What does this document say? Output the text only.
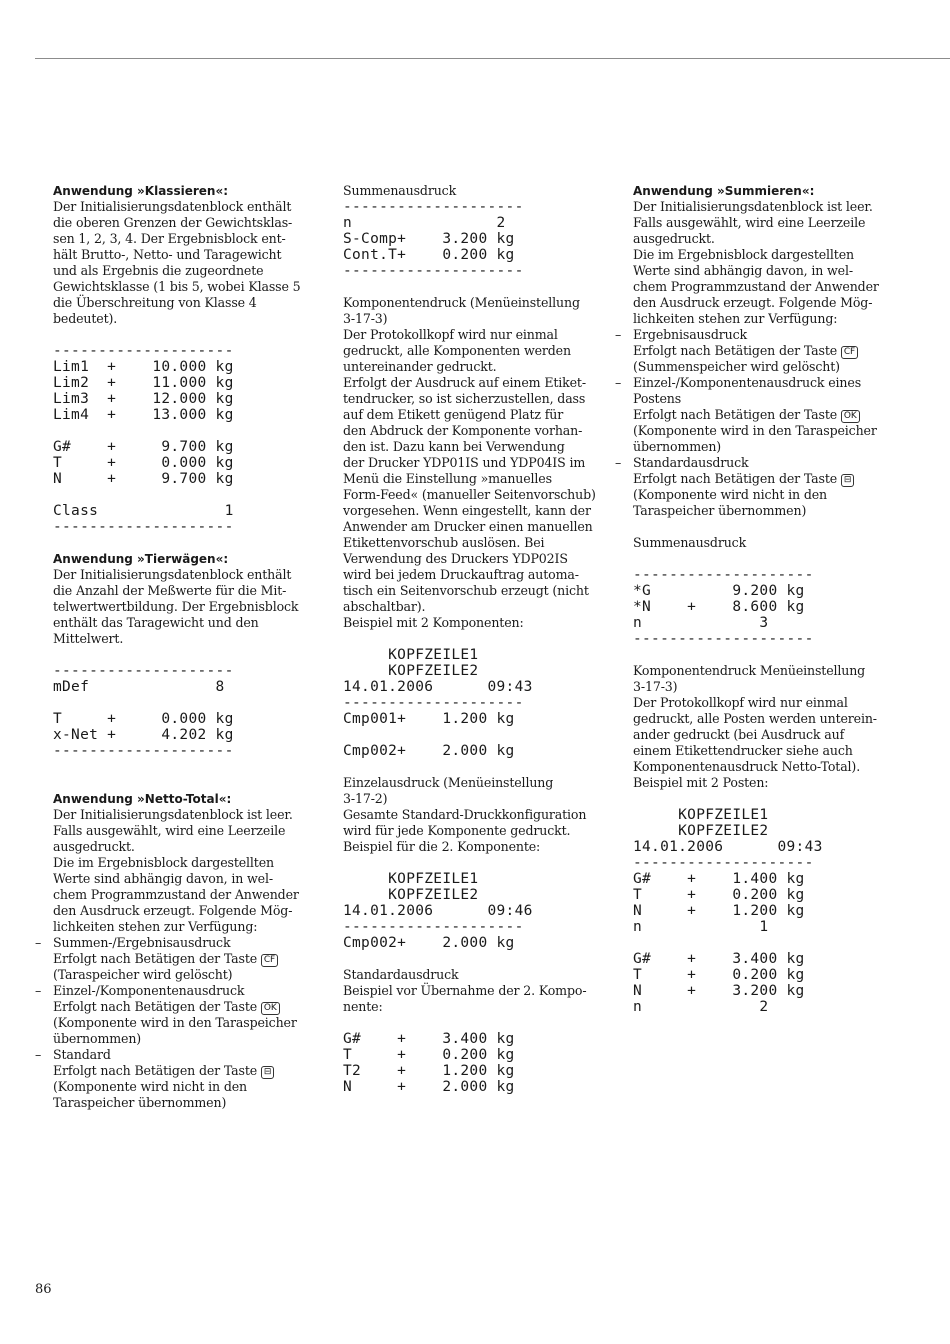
Anwendung »Klassieren«:
Der Initialisierungsdatenblock enthält
die oberen Grenzen der Gewichtsklas-
sen 1, 2, 3, 4. Der Ergebnisblock ent-
hält Brutto-, Netto- und Taragewicht
und als Ergebnis die zugeordnete
Gewichtsklasse (1 bis 5, wobei Klasse 5
die Überschreitung von Klasse 4
bedeutet).
--------------------
Lim1  +    10.000 kg
Lim2  +    11.000 kg
Lim3  +    12.000 kg
Lim4  +    13.000 kg

G#    +     9.700 kg
T     +     0.000 kg
N     +     9.700 kg

Class              1
--------------------
Anwendung »Tierwägen«:
Der Initialisierungsdatenblock enthält
die Anzahl der Meßwerte für die Mit-
telwertwertbildung. Der Ergebnisblock
enthält das Taragewicht und den
Mittelwert.
--------------------
mDef              8

T     +     0.000 kg
x-Net +     4.202 kg
--------------------
Anwendung »Netto-Total«:
Der Initialisierungsdatenblock ist leer.
Falls ausgewählt, wird eine Leerzeile
ausgedruckt.
Die im Ergebnisblock dargestellten
Werte sind abhängig davon, in wel-
chem Programmzustand der Anwender
den Ausdruck erzeugt. Folgende Mög-
lichkeiten stehen zur Verfügung:
– Summen-/Ergebnisausdruck
Erfolgt nach Betätigen der Taste CF
(Taraspeicher wird gelöscht)
– Einzel-/Komponentenausdruck
Erfolgt nach Betätigen der Taste OK
(Komponente wird in den Taraspeicher
übernommen)
– Standard
Erfolgt nach Betätigen der Taste ⊟
(Komponente wird nicht in den
Taraspeicher übernommen)
Summenausdruck
--------------------
n                2
S-Comp+    3.200 kg
Cont.T+    0.200 kg
--------------------
Komponentendruck (Menüeinstellung
3-17-3)
Der Protokollkopf wird nur einmal
gedruckt, alle Komponenten werden
untereinander gedruckt.
Erfolgt der Ausdruck auf einem Etiket-
tendrucker, so ist sicherzustellen, dass
auf dem Etikett genügend Platz für
den Abdruck der Komponente vorhan-
den ist. Dazu kann bei Verwendung
der Drucker YDP01IS und YDP04IS im
Menü die Einstellung »manuelles
Form-Feed« (manueller Seitenvorschub)
vorgesehen. Wenn eingestellt, kann der
Anwender am Drucker einen manuellen
Etikettenvorschub auslösen. Bei
Verwendung des Druckers YDP02IS
wird bei jedem Druckauftrag automa-
tisch ein Seitenvorschub erzeugt (nicht
abschaltbar).
Beispiel mit 2 Komponenten:
KOPFZEILE1
KOPFZEILE2
14.01.2006      09:43
--------------------
Cmp001+    1.200 kg

Cmp002+    2.000 kg
Einzelausdruck (Menüeinstellung
3-17-2)
Gesamte Standard-Druckkonfiguration
wird für jede Komponente gedruckt.
Beispiel für die 2. Komponente:
KOPFZEILE1
KOPFZEILE2
14.01.2006      09:46
--------------------
Cmp002+    2.000 kg
Standardausdruck
Beispiel vor Übernahme der 2. Kompo-
nente:
G#    +    3.400 kg
T     +    0.200 kg
T2    +    1.200 kg
N     +    2.000 kg
Anwendung »Summieren«:
Der Initialisierungsdatenblock ist leer.
Falls ausgewählt, wird eine Leerzeile
ausgedruckt.
Die im Ergebnisblock dargestellten
Werte sind abhängig davon, in wel-
chem Programmzustand der Anwender
den Ausdruck erzeugt. Folgende Mög-
lichkeiten stehen zur Verfügung:
– Ergebnisausdruck
Erfolgt nach Betätigen der Taste CF
(Summenspeicher wird gelöscht)
– Einzel-/Komponentenausdruck eines
Postens
Erfolgt nach Betätigen der Taste OK
(Komponente wird in den Taraspeicher
übernommen)
– Standardausdruck
Erfolgt nach Betätigen der Taste ⊟
(Komponente wird nicht in den
Taraspeicher übernommen)
Summenausdruck
--------------------
*G         9.200 kg
*N    +    8.600 kg
n             3
--------------------
Komponentendruck Menüeinstellung
3-17-3)
Der Protokollkopf wird nur einmal
gedruckt, alle Posten werden unterein-
ander gedruckt (bei Ausdruck auf
einem Etikettendrucker siehe auch
Komponentenausdruck Netto-Total).
Beispiel mit 2 Posten:
KOPFZEILE1
KOPFZEILE2
14.01.2006      09:43
--------------------
G#    +    1.400 kg
T     +    0.200 kg
N     +    1.200 kg
n             1

G#    +    3.400 kg
T     +    0.200 kg
N     +    3.200 kg
n             2
86
